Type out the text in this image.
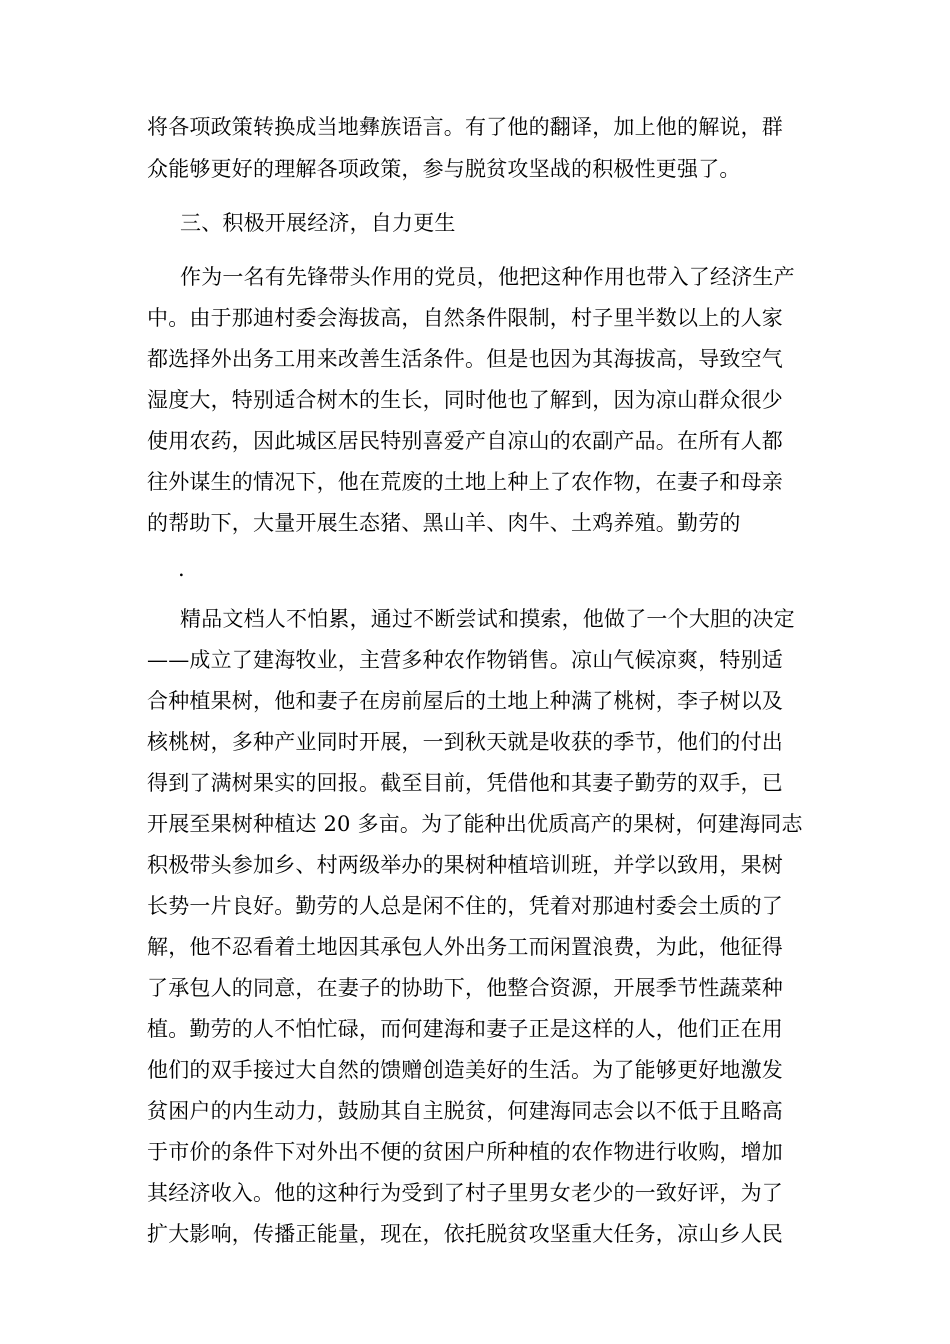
将各项政策转换成当地彝族语言。有了他的翻译，加上他的解说，群
众能够更好的理解各项政策，参与脱贫攻坚战的积极性更强了。
三、积极开展经济，自力更生
作为一名有先锋带头作用的党员，他把这种作用也带入了经济生产
中。由于那迪村委会海拔高，自然条件限制，村子里半数以上的人家
都选择外出务工用来改善生活条件。但是也因为其海拔高，导致空气
湿度大，特别适合树木的生长，同时他也了解到，因为凉山群众很少
使用农药，因此城区居民特别喜爱产自凉山的农副产品。在所有人都
往外谋生的情况下，他在荒废的土地上种上了农作物，在妻子和母亲
的帮助下，大量开展生态猪、黑山羊、肉牛、土鸡养殖。勤劳的
.
精品文档人不怕累，通过不断尝试和摸索，他做了一个大胆的决定
——成立了建海牧业，主营多种农作物销售。凉山气候凉爽，特别适
合种植果树，他和妻子在房前屋后的土地上种满了桃树，李子树以及
核桃树，多种产业同时开展，一到秋天就是收获的季节，他们的付出
得到了满树果实的回报。截至目前，凭借他和其妻子勤劳的双手，已
开展至果树种植达 20 多亩。为了能种出优质高产的果树，何建海同志
积极带头参加乡、村两级举办的果树种植培训班，并学以致用，果树
长势一片良好。勤劳的人总是闲不住的，凭着对那迪村委会土质的了
解，他不忍看着土地因其承包人外出务工而闲置浪费，为此，他征得
了承包人的同意，在妻子的协助下，他整合资源，开展季节性蔬菜种
植。勤劳的人不怕忙碌，而何建海和妻子正是这样的人，他们正在用
他们的双手接过大自然的馈赠创造美好的生活。为了能够更好地激发
贫困户的内生动力，鼓励其自主脱贫，何建海同志会以不低于且略高
于市价的条件下对外出不便的贫困户所种植的农作物进行收购，增加
其经济收入。他的这种行为受到了村子里男女老少的一致好评，为了
扩大影响，传播正能量，现在，依托脱贫攻坚重大任务，凉山乡人民
